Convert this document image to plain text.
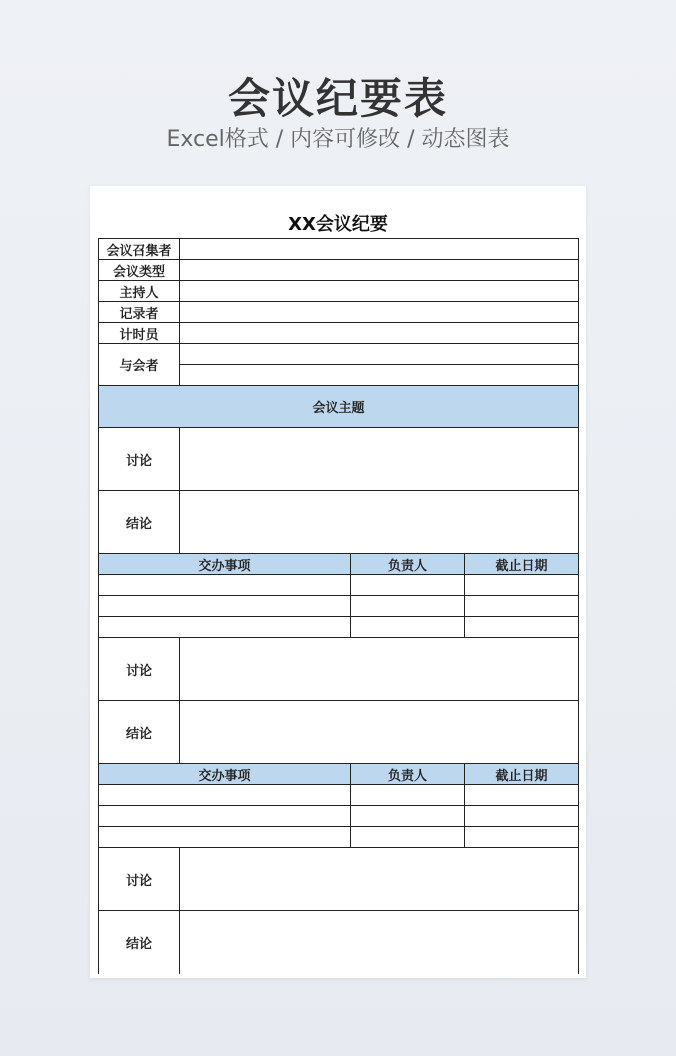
会议纪要表
Excel格式 / 内容可修改 / 动态图表
XX会议纪要
会议召集者			
会议类型			
主持人			
记录者			
计时员			
与会者			

会议主题			
讨论			
结论			
交办事项		负责人	截止日期

讨论			
结论			
交办事项		负责人	截止日期

讨论			
结论			
